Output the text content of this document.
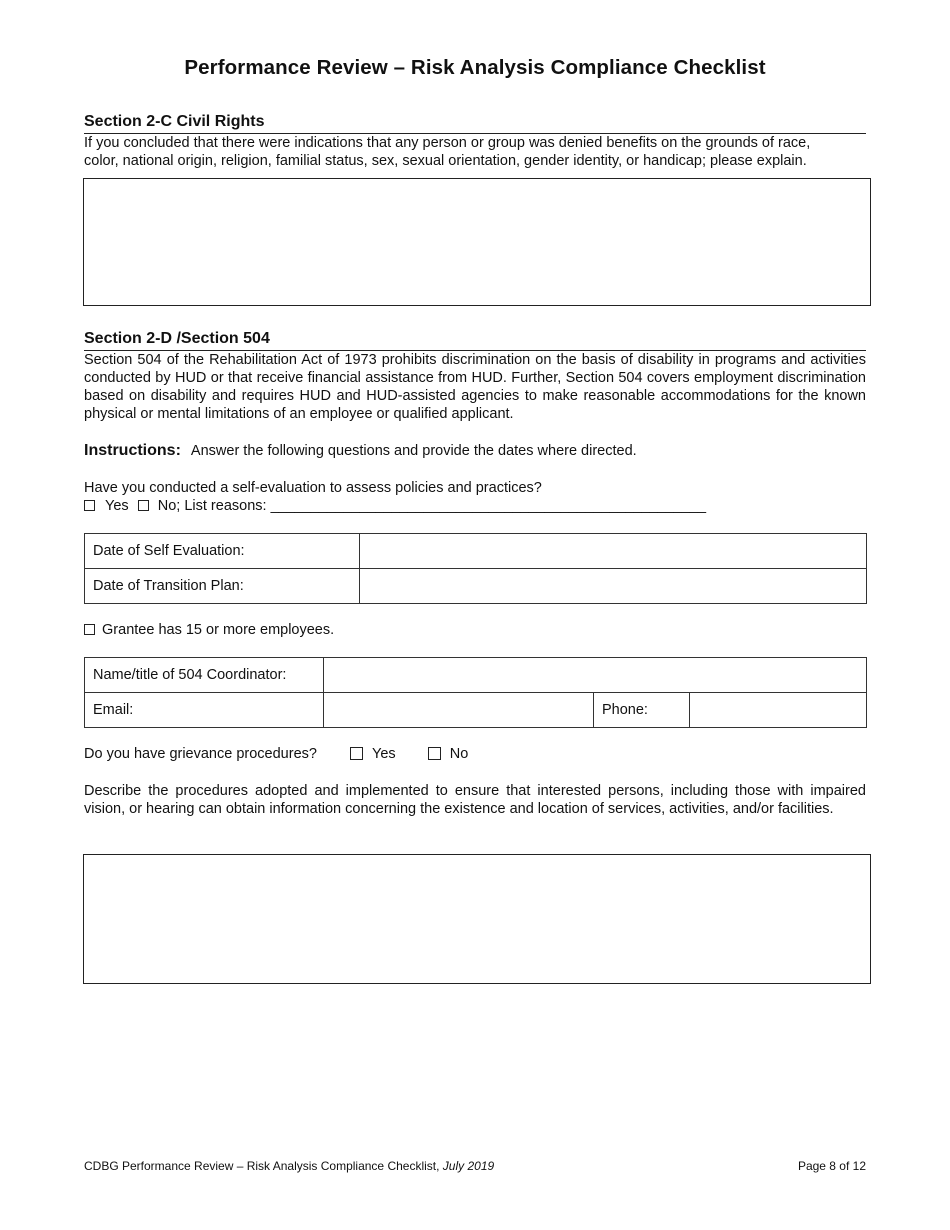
Performance Review – Risk Analysis Compliance Checklist
Section 2-C Civil Rights
If you concluded that there were indications that any person or group was denied benefits on the grounds of race,
color, national origin, religion, familial status, sex, sexual orientation, gender identity, or handicap; please explain.
Section 2-D /Section 504
Section 504 of the Rehabilitation Act of 1973 prohibits discrimination on the basis of disability in programs and activities conducted by HUD or that receive financial assistance from HUD. Further, Section 504 covers employment discrimination based on disability and requires HUD and HUD-assisted agencies to make reasonable accommodations for the known physical or mental limitations of an employee or qualified applicant.
Instructions: Answer the following questions and provide the dates where directed.
Have you conducted a self-evaluation to assess policies and practices?
Yes No; List reasons: ______________________________________________________
Date of Self Evaluation:	
Date of Transition Plan:	
Grantee has 15 or more employees.
Name/title of 504 Coordinator:			
Email:		Phone:	
Do you have grievance procedures?	Yes	No
Describe the procedures adopted and implemented to ensure that interested persons, including those with impaired vision, or hearing can obtain information concerning the existence and location of services, activities, and/or facilities.
CDBG Performance Review – Risk Analysis Compliance Checklist, July 2019	Page 8 of 12
